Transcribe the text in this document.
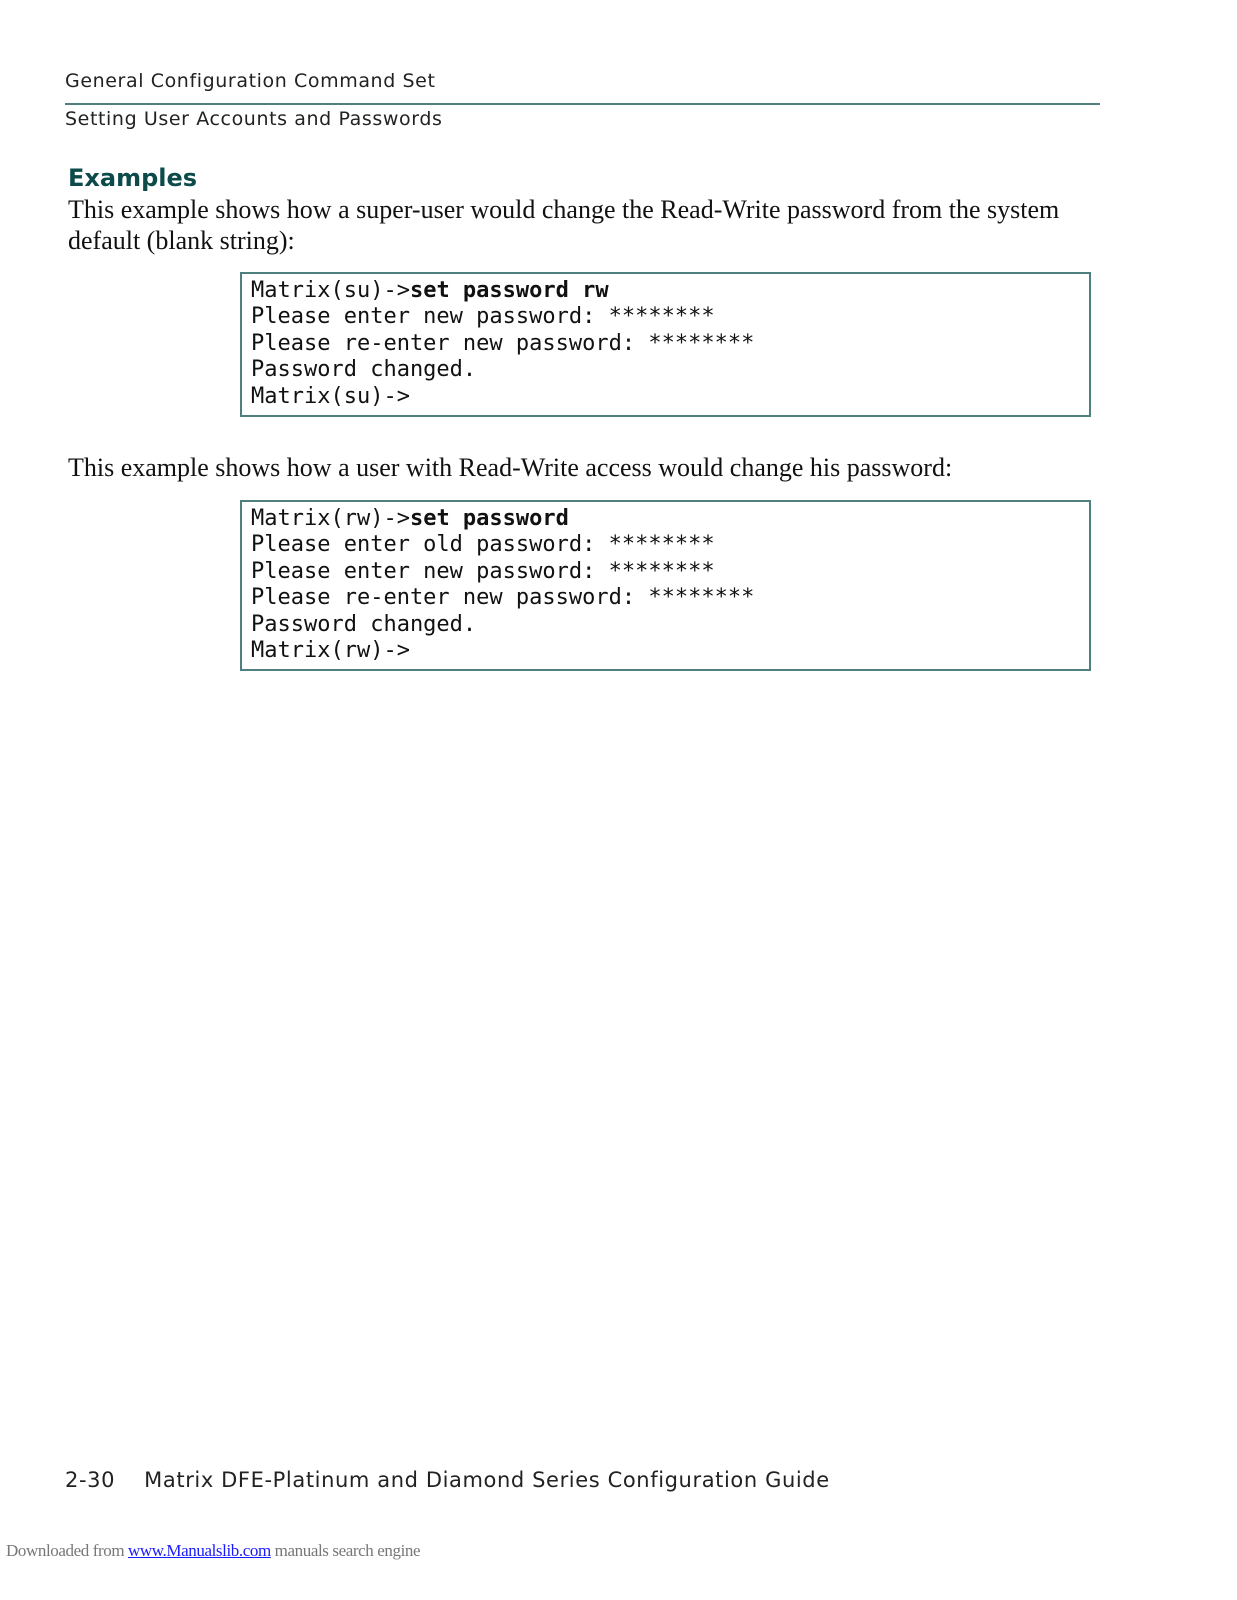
General Configuration Command Set
Setting User Accounts and Passwords
Examples
This example shows how a super-user would change the Read-Write password from the system default (blank string):
Matrix(su)->set password rw
Please enter new password: ********
Please re-enter new password: ********
Password changed.
Matrix(su)->
This example shows how a user with Read-Write access would change his password:
Matrix(rw)->set password
Please enter old password: ********
Please enter new password: ********
Please re-enter new password: ********
Password changed.
Matrix(rw)->
2-30 Matrix DFE-Platinum and Diamond Series Configuration Guide
Downloaded from www.Manualslib.com manuals search engine
